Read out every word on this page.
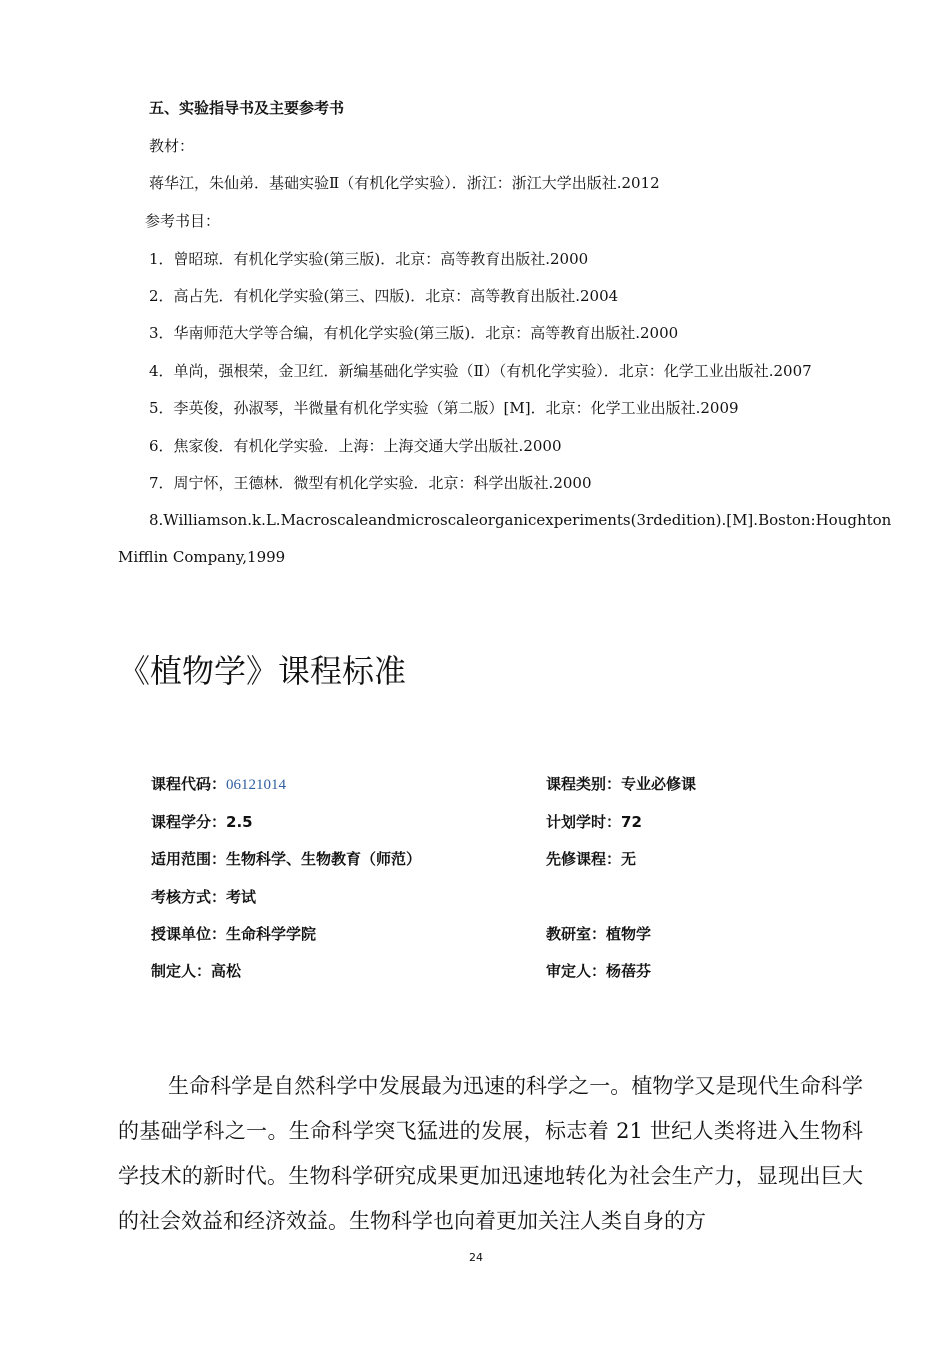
五、实验指导书及主要参考书
教材：
蒋华江，朱仙弟．基础实验Ⅱ（有机化学实验）．浙江：浙江大学出版社.2012
参考书目：
1．曾昭琼．有机化学实验(第三版)．北京：高等教育出版社.2000
2．高占先．有机化学实验(第三、四版)．北京：高等教育出版社.2004
3．华南师范大学等合编，有机化学实验(第三版)．北京：高等教育出版社.2000
4．单尚，强根荣，金卫红．新编基础化学实验（Ⅱ）（有机化学实验）．北京：化学工业出版社.2007
5．李英俊，孙淑琴，半微量有机化学实验（第二版）[M]．北京：化学工业出版社.2009
6．焦家俊．有机化学实验．上海：上海交通大学出版社.2000
7．周宁怀，王德林．微型有机化学实验．北京：科学出版社.2000
8.Williamson.k.L.Macroscale and microscale organic experiments(3rd edition).[M]. Boston:Houghton
Mifflin Company,1999
《植物学》课程标准
课程代码：06121014	课程类别：专业必修课
课程学分：2.5	计划学时：72
适用范围：生物科学、生物教育（师范）	先修课程：无
考核方式：考试
授课单位：生命科学学院	教研室：植物学
制定人：高松	审定人：杨蓓芬
生命科学是自然科学中发展最为迅速的科学之一。植物学又是现代生命科学的基础学科之一。生命科学突飞猛进的发展，标志着 21 世纪人类将进入生物科学技术的新时代。生物科学研究成果更加迅速地转化为社会生产力，显现出巨大的社会效益和经济效益。生物科学也向着更加关注人类自身的方
24
